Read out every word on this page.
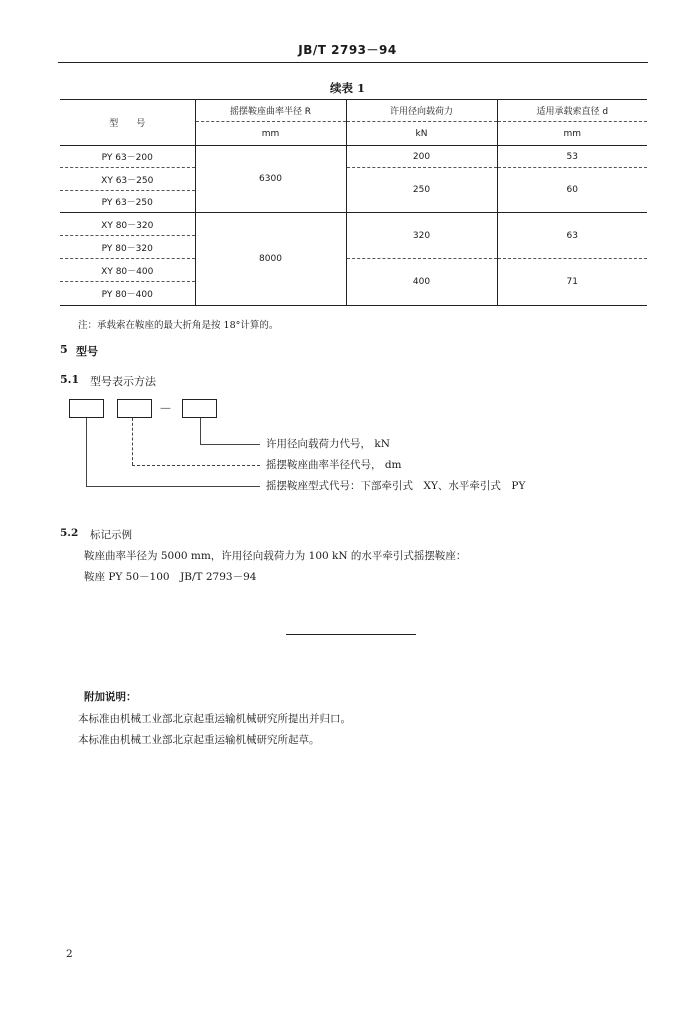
JB/T 2793－94
续表 1
型　　号	摇摆鞍座曲率半径 R	许用径向载荷力	适用承载索直径 d
	mm	kN	mm
PY 63－200	6300	200	53
XY 63－250		250	60
PY 63－250			
XY 80－320	8000	320	63
PY 80－320			
XY 80－400		400	71
PY 80－400			
注：承载索在鞍座的最大折角是按 18°计算的。
5 型号
5.1 型号表示方法
－
许用径向载荷力代号， kN
摇摆鞍座曲率半径代号， dm
摇摆鞍座型式代号：下部牵引式　XY、水平牵引式　PY
5.2 标记示例
鞍座曲率半径为 5000 mm，许用径向载荷力为 100 kN 的水平牵引式摇摆鞍座：
鞍座 PY 50－100　JB/T 2793－94
附加说明：
本标准由机械工业部北京起重运输机械研究所提出并归口。
本标准由机械工业部北京起重运输机械研究所起草。
2
